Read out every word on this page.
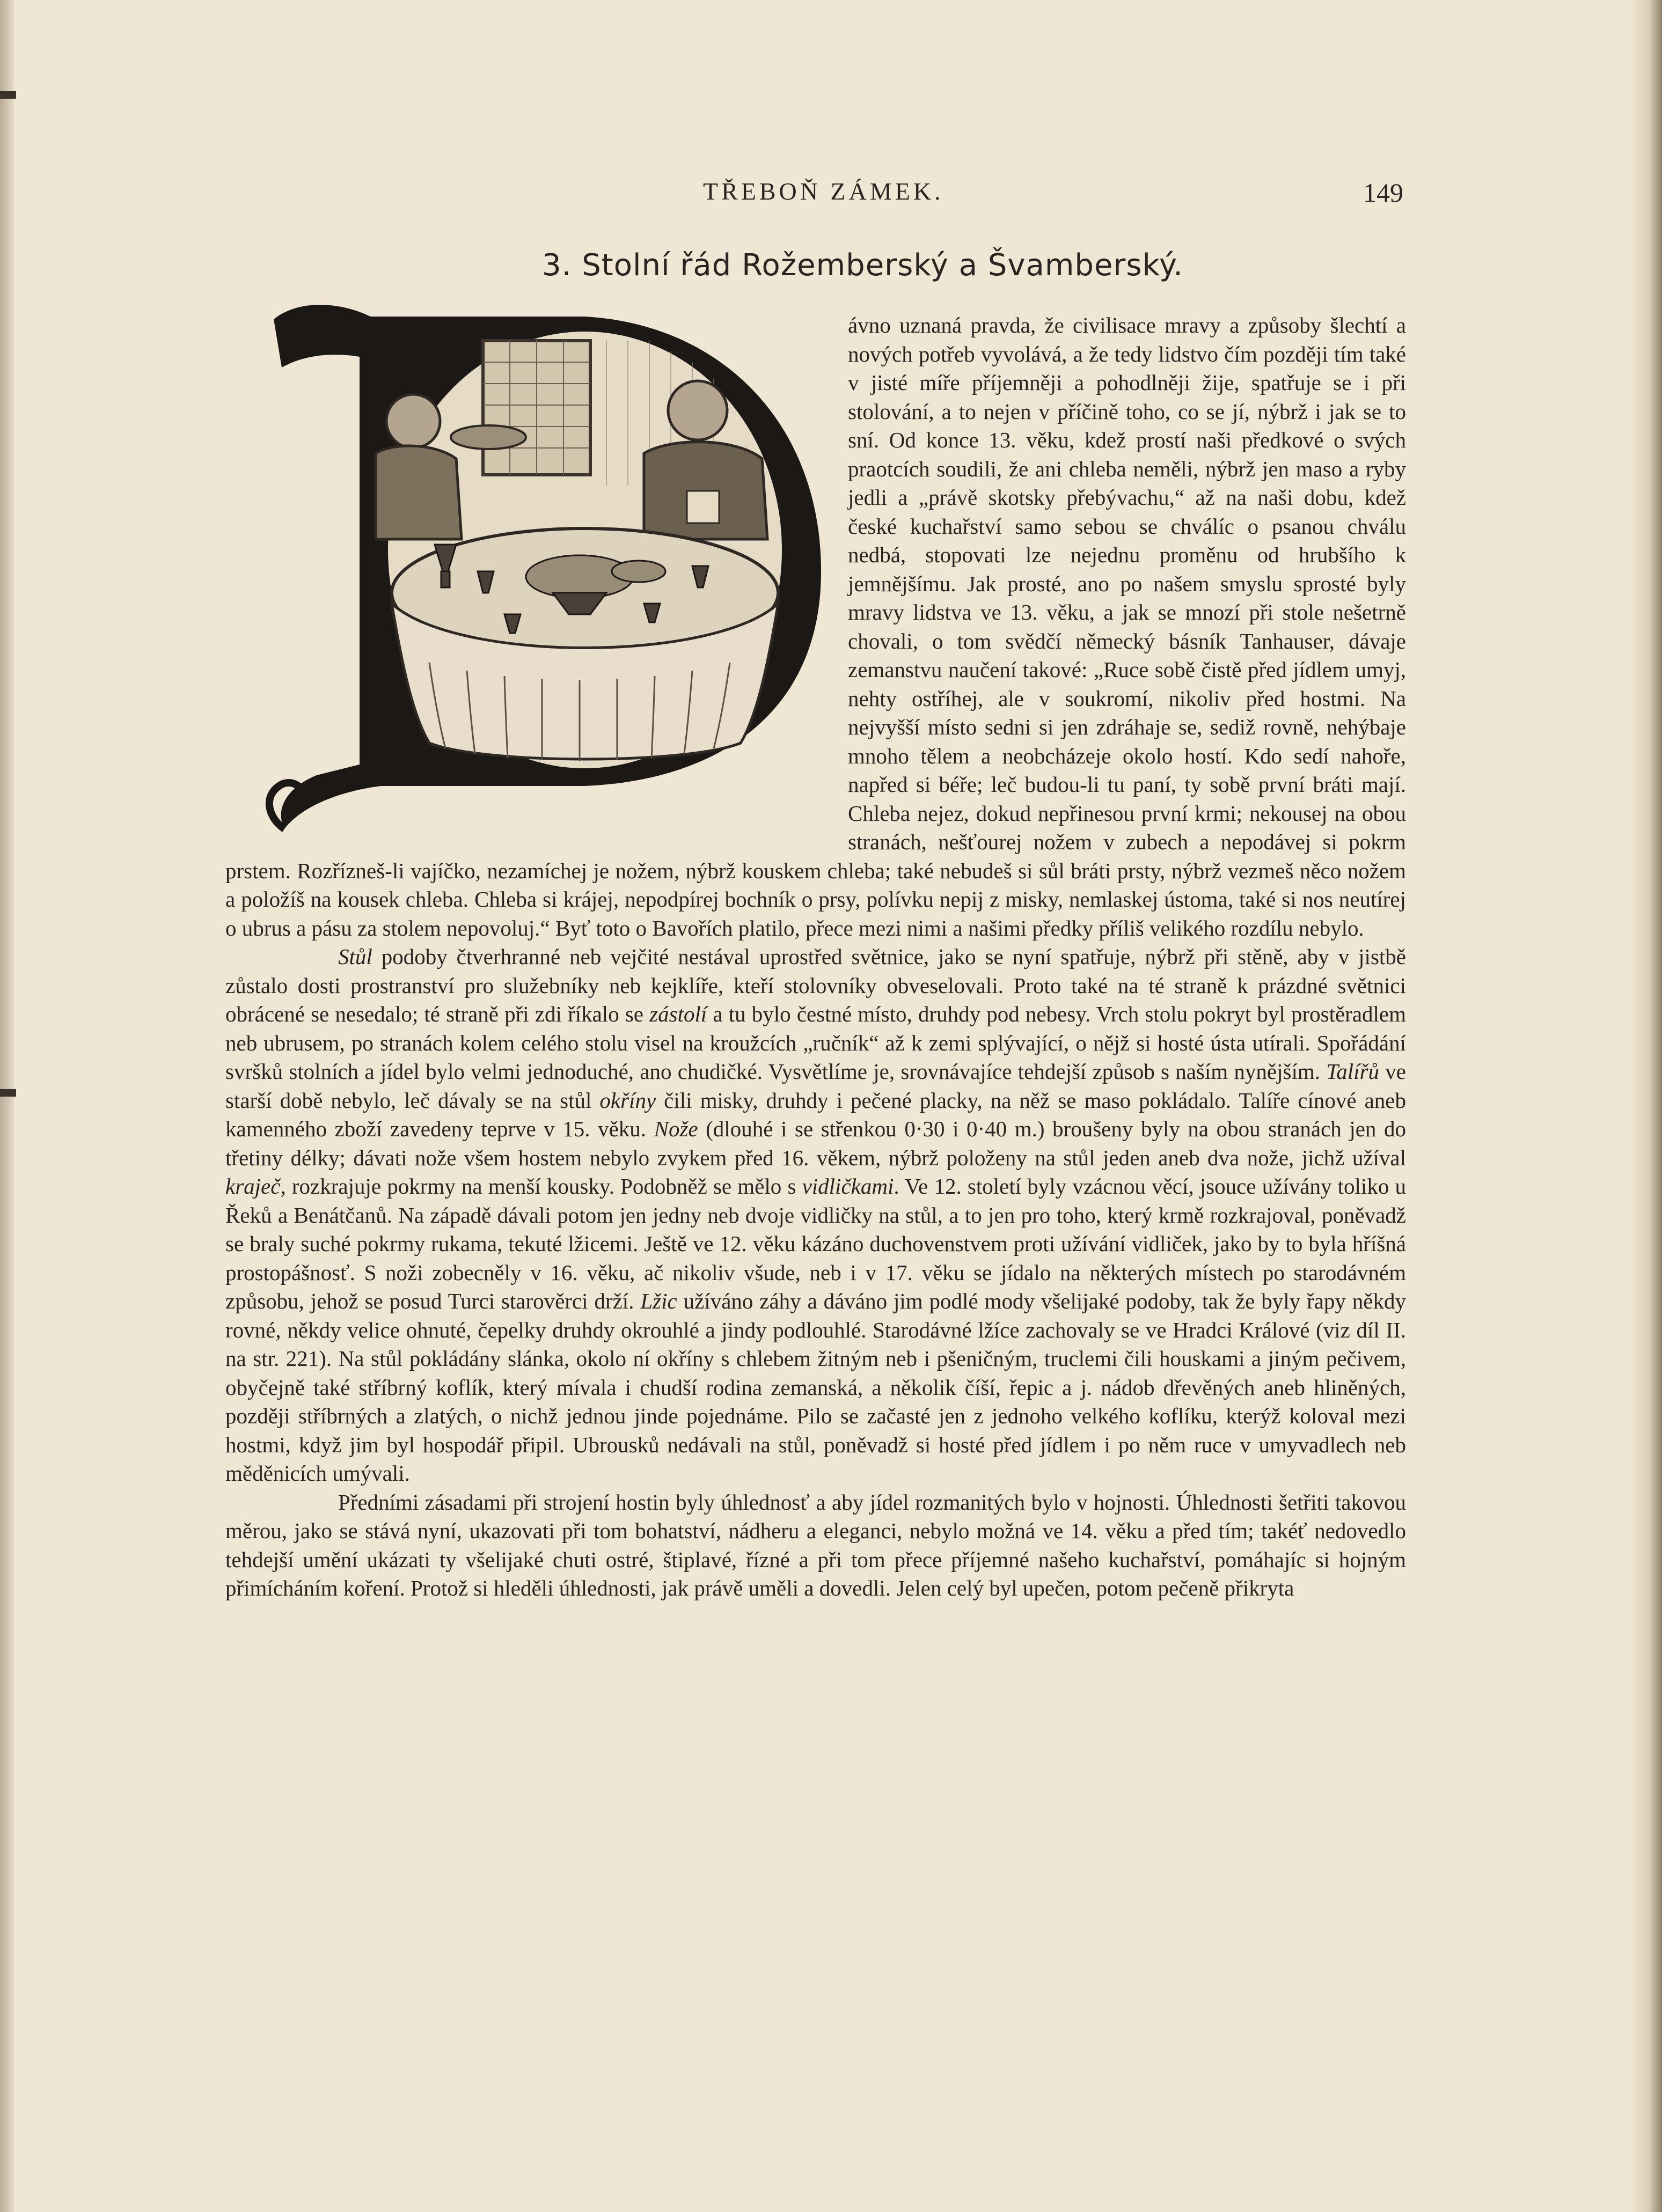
TŘEBOŇ ZÁMEK.	149
3. Stolní řád Rožemberský a Švamberský.

ávno uznaná pravda, že civilisace mravy a způsoby šlechtí a nových potřeb vyvolává, a že tedy lidstvo čím později tím také v jisté míře příjemněji a pohodlněji žije, spatřuje se i při stolování, a to nejen v příčině toho, co se jí, nýbrž i jak se to sní. Od konce 13. věku, kdež prostí naši předkové o svých praotcích soudili, že ani chleba neměli, nýbrž jen maso a ryby jedli a „právě skotsky přebývachu,“ až na naši dobu, kdež české kuchařství samo sebou se chválíc o psanou chválu nedbá, stopovati lze nejednu proměnu od hrubšího k jemnějšímu. Jak prosté, ano po našem smyslu sprosté byly mravy lidstva ve 13. věku, a jak se mnozí při stole nešetrně chovali, o tom svědčí německý básník Tanhauser, dávaje zemanstvu naučení takové: „Ruce sobě čistě před jídlem umyj, nehty ostříhej, ale v soukromí, nikoliv před hostmi. Na nejvyšší místo sedni si jen zdráhaje se, sediž rovně, nehýbaje mnoho tělem a neobcházeje okolo hostí. Kdo sedí nahoře, napřed si béře; leč budou-li tu paní, ty sobě první bráti mají. Chleba nejez, dokud nepřinesou první krmi; nekousej na obou stranách, nešťourej nožem v zubech a nepodávej si pokrm prstem. Rozřízneš-li vajíčko, nezamíchej je nožem, nýbrž kouskem chleba; také nebudeš si sůl bráti prsty, nýbrž vezmeš něco nožem a položíš na kousek chleba. Chleba si krájej, nepodpírej bochník o prsy, polívku nepij z misky, nemlaskej ústoma, také si nos neutírej o ubrus a pásu za stolem nepovoluj.“ Byť toto o Bavořích platilo, přece mezi nimi a našimi předky příliš velikého rozdílu nebylo.

Stůl podoby čtverhranné neb vejčité nestával uprostřed světnice, jako se nyní spatřuje, nýbrž při stěně, aby v jistbě zůstalo dosti prostranství pro služebníky neb kejklíře, kteří stolovníky obveselovali. Proto také na té straně k prázdné světnici obrácené se nesedalo; té straně při zdi říkalo se zástolí a tu bylo čestné místo, druhdy pod nebesy. Vrch stolu pokryt byl prostěradlem neb ubrusem, po stranách kolem celého stolu visel na kroužcích „ručník“ až k zemi splývající, o nějž si hosté ústa utírali. Spořádání svršků stolních a jídel bylo velmi jednoduché, ano chudičké. Vysvětlíme je, srovnávajíce tehdejší způsob s naším nynějším. Talířů ve starší době nebylo, leč dávaly se na stůl okříny čili misky, druhdy i pečené placky, na něž se maso pokládalo. Talíře cínové aneb kamenného zboží zavedeny teprve v 15. věku. Nože (dlouhé i se střenkou 0·30 i 0·40 m.) broušeny byly na obou stranách jen do třetiny délky; dávati nože všem hostem nebylo zvykem před 16. věkem, nýbrž položeny na stůl jeden aneb dva nože, jichž užíval kraječ, rozkrajuje pokrmy na menší kousky. Podobněž se mělo s vidličkami. Ve 12. století byly vzácnou věcí, jsouce užívány toliko u Řeků a Benátčanů. Na západě dávali potom jen jedny neb dvoje vidličky na stůl, a to jen pro toho, který krmě rozkrajoval, poněvadž se braly suché pokrmy rukama, tekuté lžicemi. Ještě ve 12. věku kázáno duchovenstvem proti užívání vidliček, jako by to byla hříšná prostopášnosť. S noži zobecněly v 16. věku, ač nikoliv všude, neb i v 17. věku se jídalo na některých místech po starodávném způsobu, jehož se posud Turci starověrci drží. Lžic užíváno záhy a dáváno jim podlé mody všelijaké podoby, tak že byly řapy někdy rovné, někdy velice ohnuté, čepelky druhdy okrouhlé a jindy podlouhlé. Starodávné lžíce zachovaly se ve Hradci Králové (viz díl II. na str. 221). Na stůl pokládány slánka, okolo ní okříny s chlebem žitným neb i pšeničným, truclemi čili houskami a jiným pečivem, obyčejně také stříbrný koflík, který mívala i chudší rodina zemanská, a několik číší, řepic a j. nádob dřevěných aneb hliněných, později stříbrných a zlatých, o nichž jednou jinde pojednáme. Pilo se začasté jen z jednoho velkého koflíku, kterýž koloval mezi hostmi, když jim byl hospodář připil. Ubrousků nedávali na stůl, poněvadž si hosté před jídlem i po něm ruce v umyvadlech neb měděnicích umývali.

Předními zásadami při strojení hostin byly úhlednosť a aby jídel rozmanitých bylo v hojnosti. Úhlednosti šetřiti takovou měrou, jako se stává nyní, ukazovati při tom bohatství, nádheru a eleganci, nebylo možná ve 14. věku a před tím; takéť nedovedlo tehdejší umění ukázati ty všelijaké chuti ostré, štiplavé, řízné a při tom přece příjemné našeho kuchařství, pomáhajíc si hojným přimícháním koření. Protož si hleděli úhlednosti, jak právě uměli a dovedli. Jelen celý byl upečen, potom pečeně přikryta
